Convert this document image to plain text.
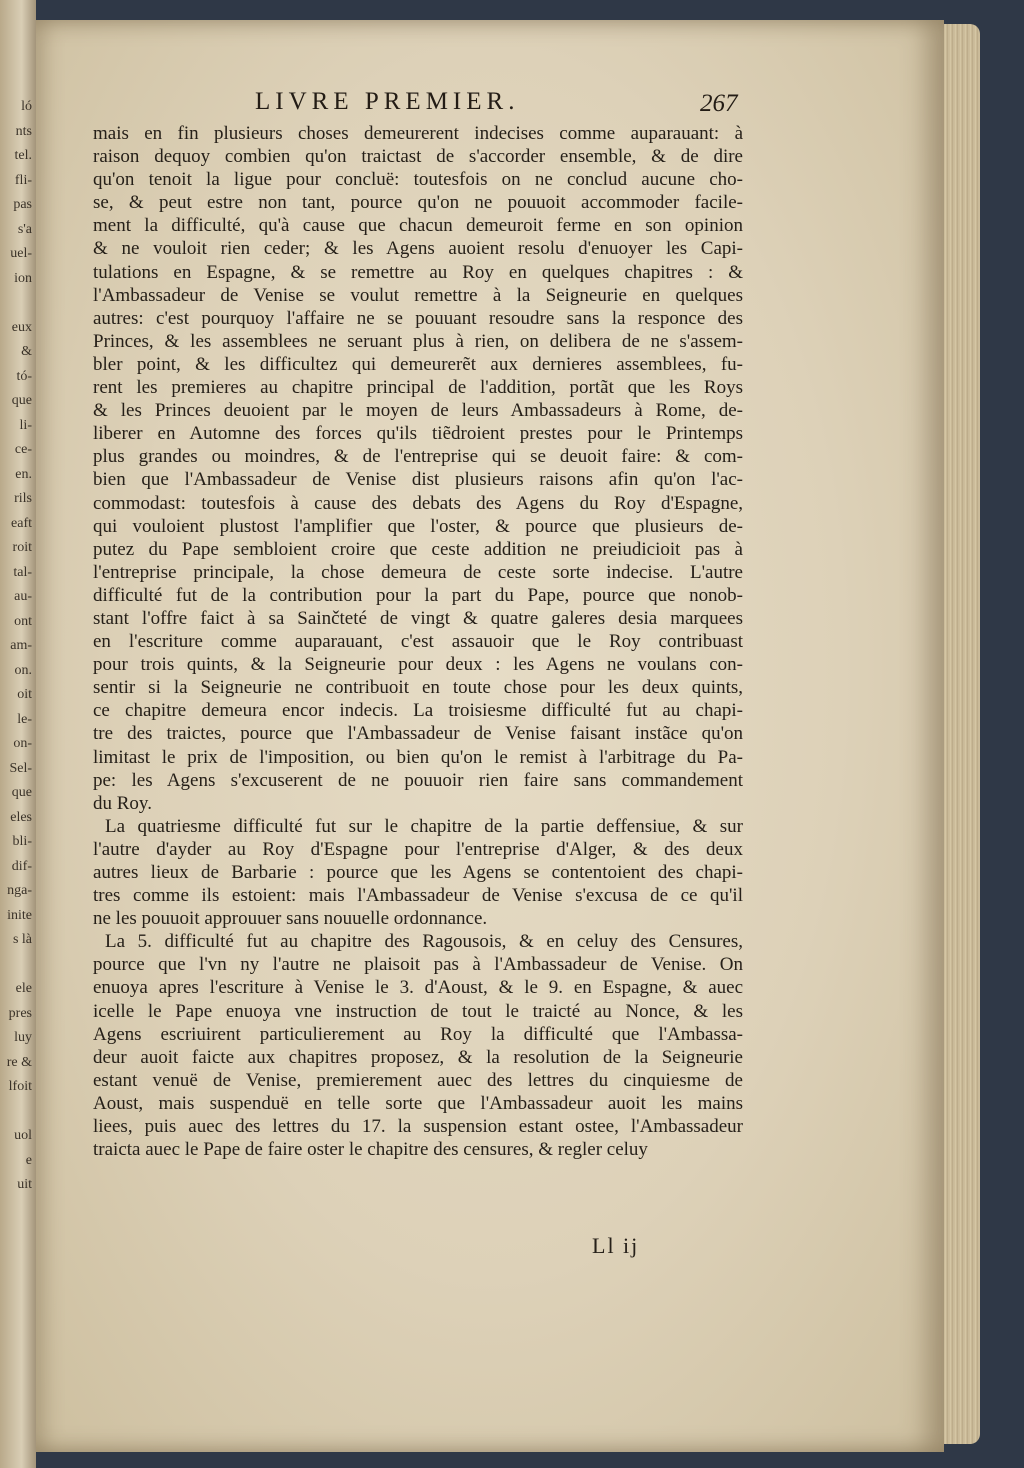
ló
nts
tel.
fli-
pas
s'a
uel-
ion

eux
&
tó-
que
li-
ce-
en.
rils
eaft
roit
tal-
au-
ont
am-
on.
oit
le-
on-
Sel-
que
eles
bli-
dif-
nga-
inite
s là

ele
pres
luy
re &
lfoit

uol
e
uit
LIVRE PREMIER.	267
mais en fin plusieurs choses demeurerent indecises comme auparauant: à
raison dequoy combien qu'on traictast de s'accorder ensemble, & de dire
qu'on tenoit la ligue pour concluë: toutesfois on ne conclud aucune cho-
se, & peut estre non tant, pource qu'on ne pouuoit accommoder facile-
ment la difficulté, qu'à cause que chacun demeuroit ferme en son opinion
& ne vouloit rien ceder; & les Agens auoient resolu d'enuoyer les Capi-
tulations en Espagne, & se remettre au Roy en quelques chapitres : &
l'Ambassadeur de Venise se voulut remettre à la Seigneurie en quelques
autres: c'est pourquoy l'affaire ne se pouuant resoudre sans la responce des
Princes, & les assemblees ne seruant plus à rien, on delibera de ne s'assem-
bler point, & les difficultez qui demeurerẽt aux dernieres assemblees, fu-
rent les premieres au chapitre principal de l'addition, portãt que les Roys
& les Princes deuoient par le moyen de leurs Ambassadeurs à Rome, de-
liberer en Automne des forces qu'ils tiẽdroient prestes pour le Printemps
plus grandes ou moindres, & de l'entreprise qui se deuoit faire: & com-
bien que l'Ambassadeur de Venise dist plusieurs raisons afin qu'on l'ac-
commodast: toutesfois à cause des debats des Agens du Roy d'Espagne,
qui vouloient plustost l'amplifier que l'oster, & pource que plusieurs de-
putez du Pape sembloient croire que ceste addition ne preiudicioit pas à
l'entreprise principale, la chose demeura de ceste sorte indecise. L'autre
difficulté fut de la contribution pour la part du Pape, pource que nonob-
stant l'offre faict à sa Sainčteté de vingt & quatre galeres desia marquees
en l'escriture comme auparauant, c'est assauoir que le Roy contribuast
pour trois quints, & la Seigneurie pour deux : les Agens ne voulans con-
sentir si la Seigneurie ne contribuoit en toute chose pour les deux quints,
ce chapitre demeura encor indecis. La troisiesme difficulté fut au chapi-
tre des traictes, pource que l'Ambassadeur de Venise faisant instãce qu'on
limitast le prix de l'imposition, ou bien qu'on le remist à l'arbitrage du Pa-
pe: les Agens s'excuserent de ne pouuoir rien faire sans commandement
du Roy.
La quatriesme difficulté fut sur le chapitre de la partie deffensiue, & sur
l'autre d'ayder au Roy d'Espagne pour l'entreprise d'Alger, & des deux
autres lieux de Barbarie : pource que les Agens se contentoient des chapi-
tres comme ils estoient: mais l'Ambassadeur de Venise s'excusa de ce qu'il
ne les pouuoit approuuer sans nouuelle ordonnance.
La 5. difficulté fut au chapitre des Ragousois, & en celuy des Censures,
pource que l'vn ny l'autre ne plaisoit pas à l'Ambassadeur de Venise. On
enuoya apres l'escriture à Venise le 3. d'Aoust, & le 9. en Espagne, & auec
icelle le Pape enuoya vne instruction de tout le traicté au Nonce, & les
Agens escriuirent particulierement au Roy la difficulté que l'Ambassa-
deur auoit faicte aux chapitres proposez, & la resolution de la Seigneurie
estant venuë de Venise, premierement auec des lettres du cinquiesme de
Aoust, mais suspenduë en telle sorte que l'Ambassadeur auoit les mains
liees, puis auec des lettres du 17. la suspension estant ostee, l'Ambassadeur
traicta auec le Pape de faire oster le chapitre des censures, & regler celuy
Ll ij
